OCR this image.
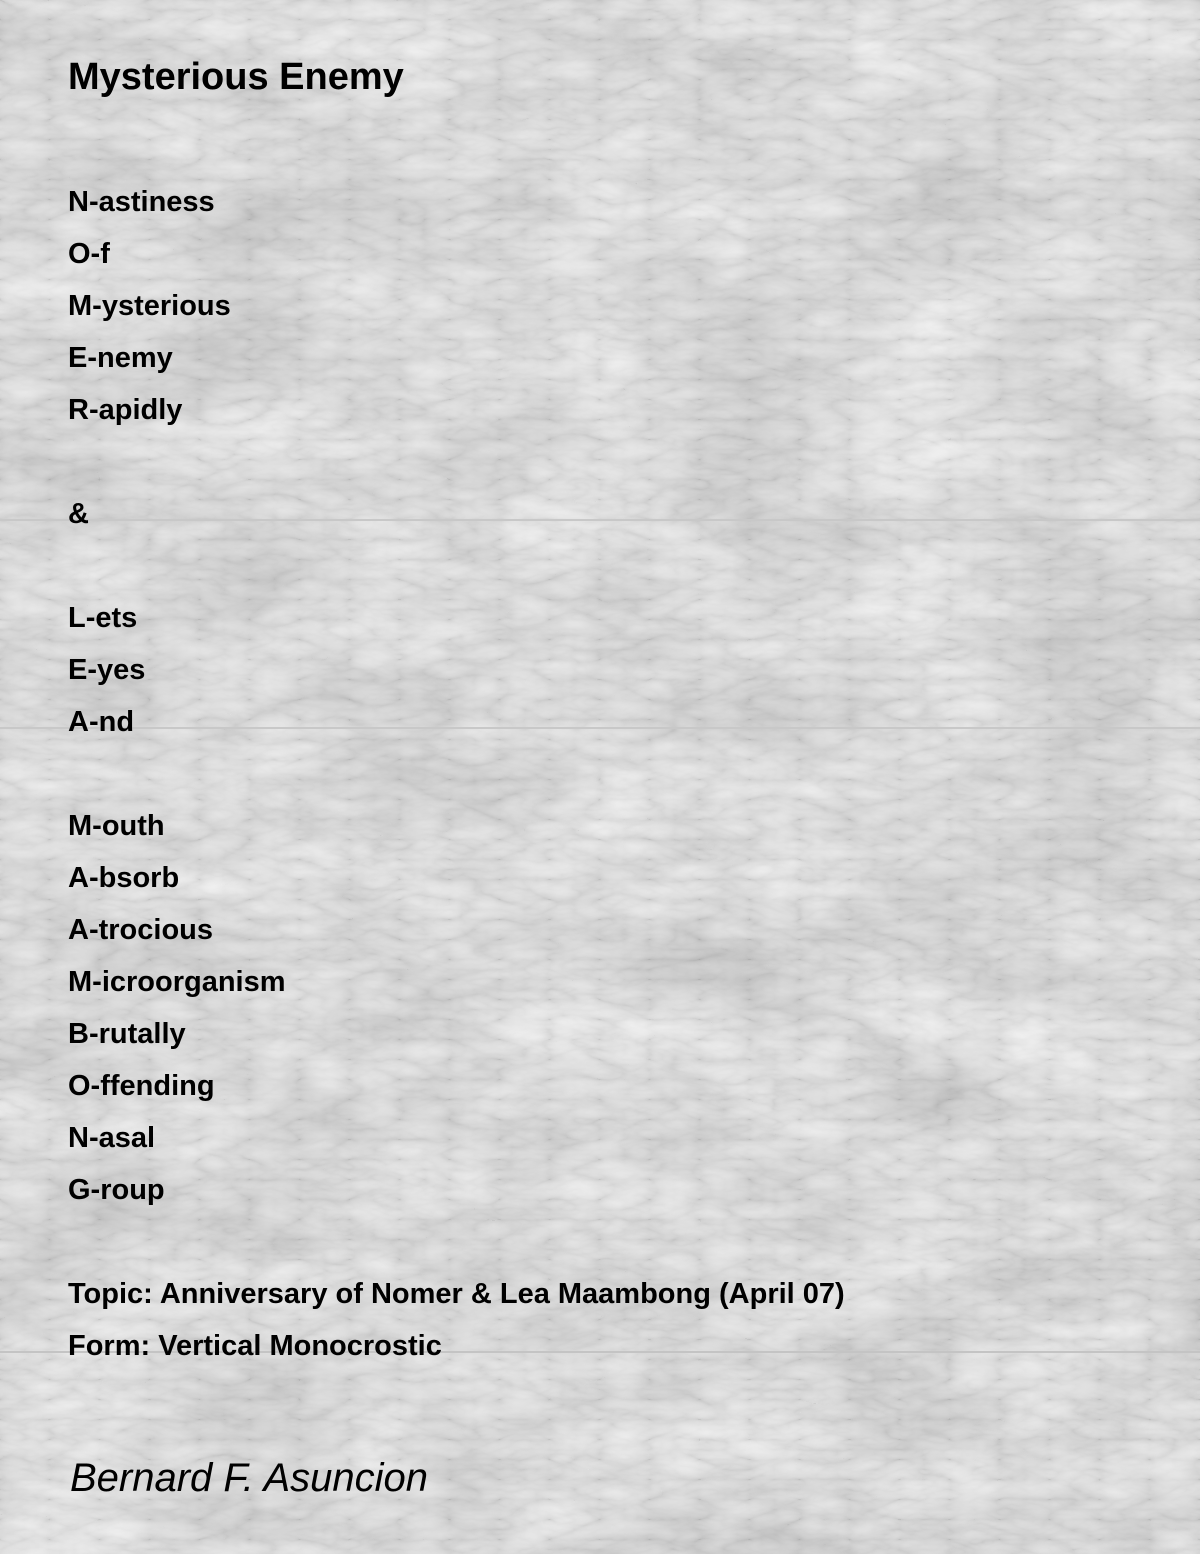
Mysterious Enemy
N-astiness
O-f
M-ysterious
E-nemy
R-apidly
&
L-ets
E-yes
A-nd
M-outh
A-bsorb
A-trocious
M-icroorganism
B-rutally
O-ffending
N-asal
G-roup
Topic: Anniversary of Nomer & Lea Maambong (April 07)
Form: Vertical Monocrostic
Bernard F. Asuncion
